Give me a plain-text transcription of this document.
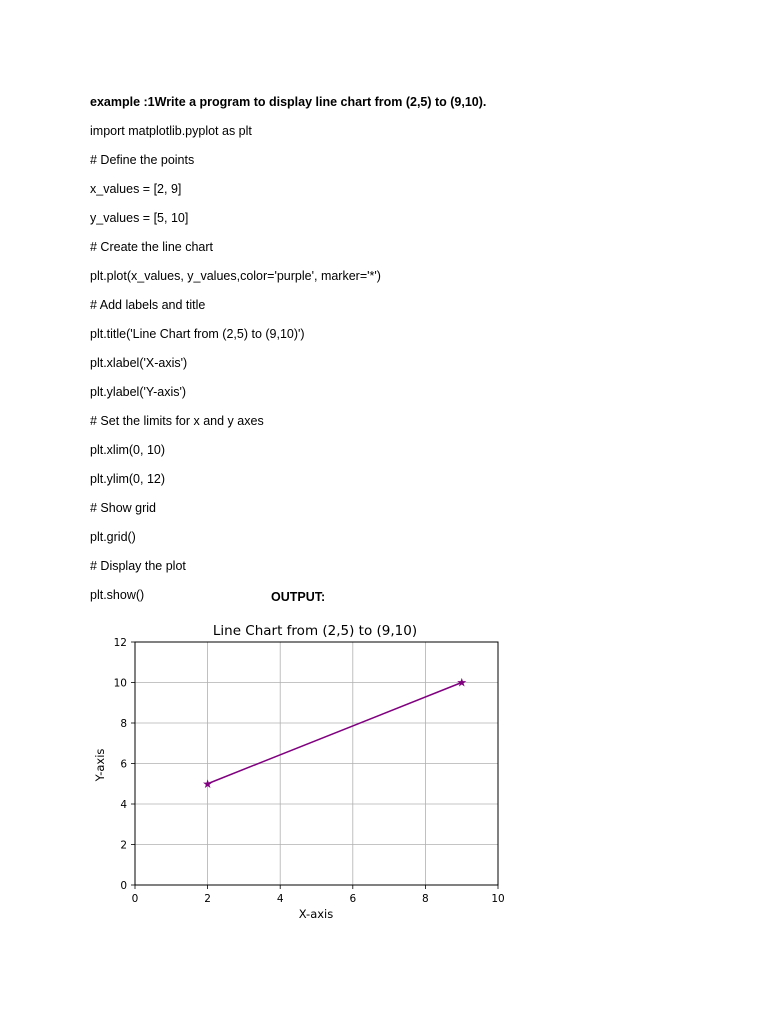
example :1Write a program to display line chart from (2,5) to (9,10).
import matplotlib.pyplot as plt
# Define the points
x_values = [2, 9]
y_values = [5, 10]
# Create the line chart
plt.plot(x_values, y_values,color='purple', marker='*')
# Add labels and title
plt.title('Line Chart from (2,5) to (9,10)')
plt.xlabel('X-axis')
plt.ylabel('Y-axis')
# Set the limits for x and y axes
plt.xlim(0, 10)
plt.ylim(0, 12)
# Show grid
plt.grid()
# Display the plot
plt.show()	OUTPUT:
Line Chart from (2,5) to (9,10)
0	2	4	6	8	10
0
2
4
6
8
10
12
★
★
X-axis
Y-axis
